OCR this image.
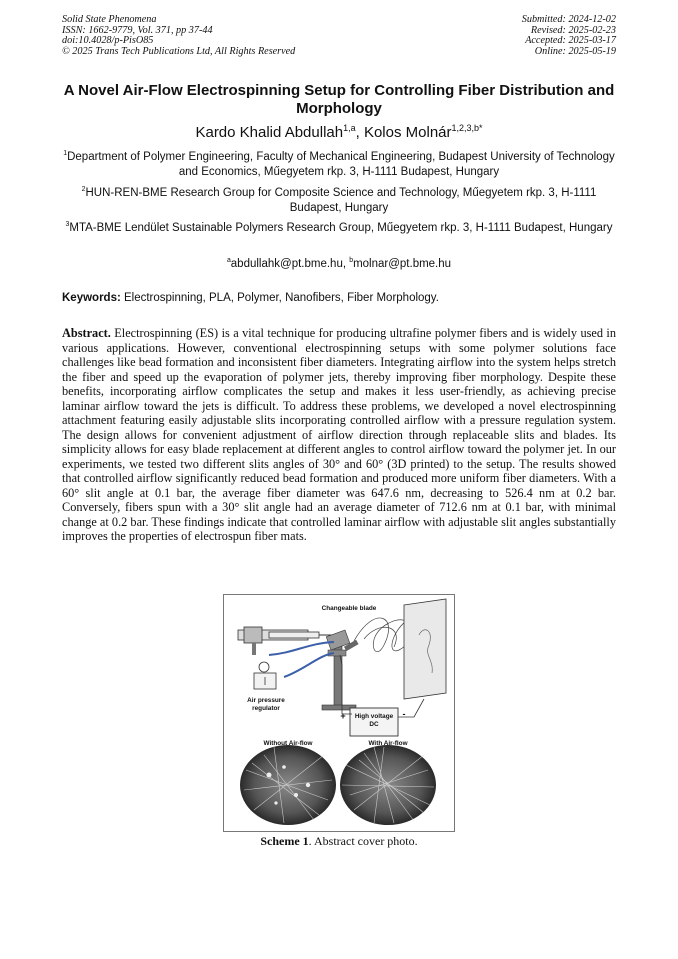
Solid State Phenomena
ISSN: 1662-9779, Vol. 371, pp 37-44
doi:10.4028/p-PisO85
© 2025 Trans Tech Publications Ltd, All Rights Reserved
Submitted: 2024-12-02
Revised: 2025-02-23
Accepted: 2025-03-17
Online: 2025-05-19
A Novel Air-Flow Electrospinning Setup for Controlling Fiber Distribution and Morphology
Kardo Khalid Abdullah$^{1,a}$, Kolos Molnár$^{1,2,3,b*}$
$^1$Department of Polymer Engineering, Faculty of Mechanical Engineering, Budapest University of Technology and Economics, Műegyetem rkp. 3, H-1111 Budapest, Hungary
$^2$HUN-REN-BME Research Group for Composite Science and Technology, Műegyetem rkp. 3, H-1111 Budapest, Hungary
$^3$MTA-BME Lendület Sustainable Polymers Research Group, Műegyetem rkp. 3, H-1111 Budapest, Hungary
$^a$abdullahk@pt.bme.hu, $^b$molnar@pt.bme.hu
Keywords: Electrospinning, PLA, Polymer, Nanofibers, Fiber Morphology.
Abstract. Electrospinning (ES) is a vital technique for producing ultrafine polymer fibers and is widely used in various applications. However, conventional electrospinning setups with some polymer solutions face challenges like bead formation and inconsistent fiber diameters. Integrating airflow into the system helps stretch the fiber and speed up the evaporation of polymer jets, thereby improving fiber morphology. Despite these benefits, incorporating airflow complicates the setup and makes it less user-friendly, as achieving precise laminar airflow toward the jets is difficult. To address these problems, we developed a novel electrospinning attachment featuring easily adjustable slits incorporating controlled airflow with a pressure regulation system. The design allows for convenient adjustment of airflow direction through replaceable slits and blades. Its simplicity allows for easy blade replacement at different angles to control airflow toward the polymer jet. In our experiments, we tested two different slits angles of 30° and 60° (3D printed) to the setup. The results showed that controlled airflow significantly reduced bead formation and produced more uniform fiber diameters. With a 60° slit angle at 0.1 bar, the average fiber diameter was 647.6 nm, decreasing to 526.4 nm at 0.2 bar. Conversely, fibers spun with a 30° slit angle had an average diameter of 712.6 nm at 0.1 bar, with minimal change at 0.2 bar. These findings indicate that controlled laminar airflow with adjustable slit angles substantially improves the properties of electrospun fiber mats.
Changeable blade
Air pressure
regulator
High voltage
DC
+	-
Without Air-flow	With Air-flow
Scheme 1. Abstract cover photo.
